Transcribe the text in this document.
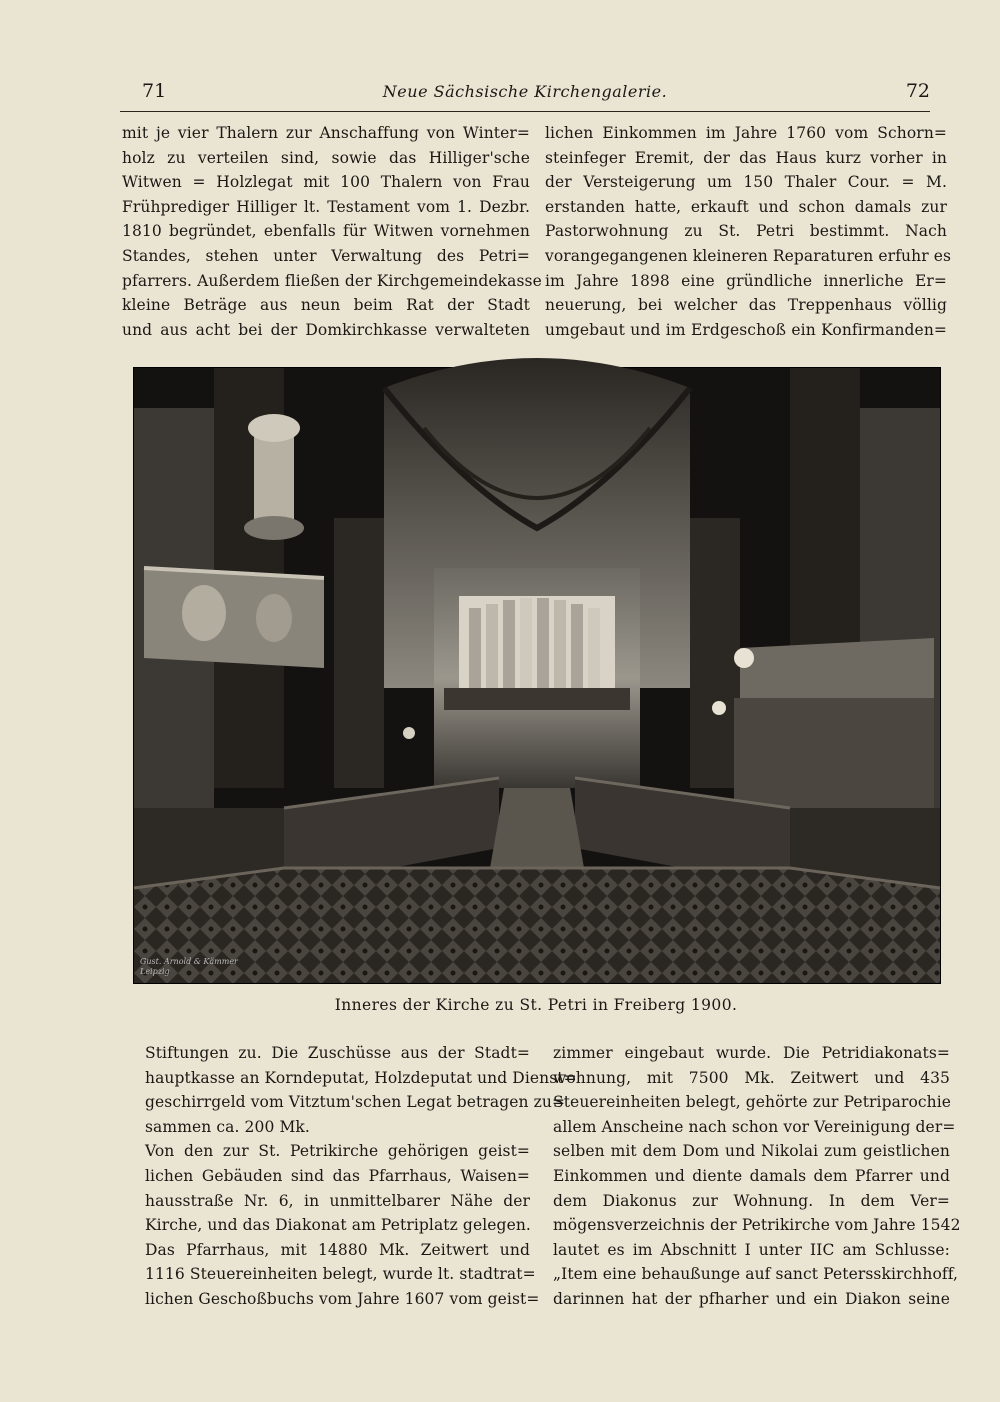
71	Neue Sächsische Kirchengalerie.	72
mit je vier Thalern zur Anschaffung von Winter=
holz zu verteilen sind, sowie das Hilliger'sche
Witwen = Holzlegat mit 100 Thalern von Frau
Frühprediger Hilliger lt. Testament vom 1. Dezbr.
1810 begründet, ebenfalls für Witwen vornehmen
Standes, stehen unter Verwaltung des Petri=
pfarrers. Außerdem fließen der Kirchgemeindekasse
kleine Beträge aus neun beim Rat der Stadt
und aus acht bei der Domkirchkasse verwalteten
lichen Einkommen im Jahre 1760 vom Schorn=
steinfeger Eremit, der das Haus kurz vorher in
der Versteigerung um 150 Thaler Cour. = M.
erstanden hatte, erkauft und schon damals zur
Pastorwohnung zu St. Petri bestimmt. Nach
vorangegangenen kleineren Reparaturen erfuhr es
im Jahre 1898 eine gründliche innerliche Er=
neuerung, bei welcher das Treppenhaus völlig
umgebaut und im Erdgeschoß ein Konfirmanden=
Gust. Arnold & Kämmer
Leipzig
Inneres der Kirche zu St. Petri in Freiberg 1900.
Stiftungen zu. Die Zuschüsse aus der Stadt=
hauptkasse an Korndeputat, Holzdeputat und Dienst=
geschirrgeld vom Vitztum'schen Legat betragen zu=
sammen ca. 200 Mk.
Von den zur St. Petrikirche gehörigen geist=
lichen Gebäuden sind das Pfarrhaus, Waisen=
hausstraße Nr. 6, in unmittelbarer Nähe der
Kirche, und das Diakonat am Petriplatz gelegen.
Das Pfarrhaus, mit 14880 Mk. Zeitwert und
1116 Steuereinheiten belegt, wurde lt. stadtrat=
lichen Geschoßbuchs vom Jahre 1607 vom geist=
zimmer eingebaut wurde. Die Petridiakonats=
wohnung, mit 7500 Mk. Zeitwert und 435
Steuereinheiten belegt, gehörte zur Petriparochie
allem Anscheine nach schon vor Vereinigung der=
selben mit dem Dom und Nikolai zum geistlichen
Einkommen und diente damals dem Pfarrer und
dem Diakonus zur Wohnung. In dem Ver=
mögensverzeichnis der Petrikirche vom Jahre 1542
lautet es im Abschnitt I unter IIC am Schlusse:
„Item eine behaußunge auf sanct Petersskirchhoff,
darinnen hat der pfharher und ein Diakon seine
